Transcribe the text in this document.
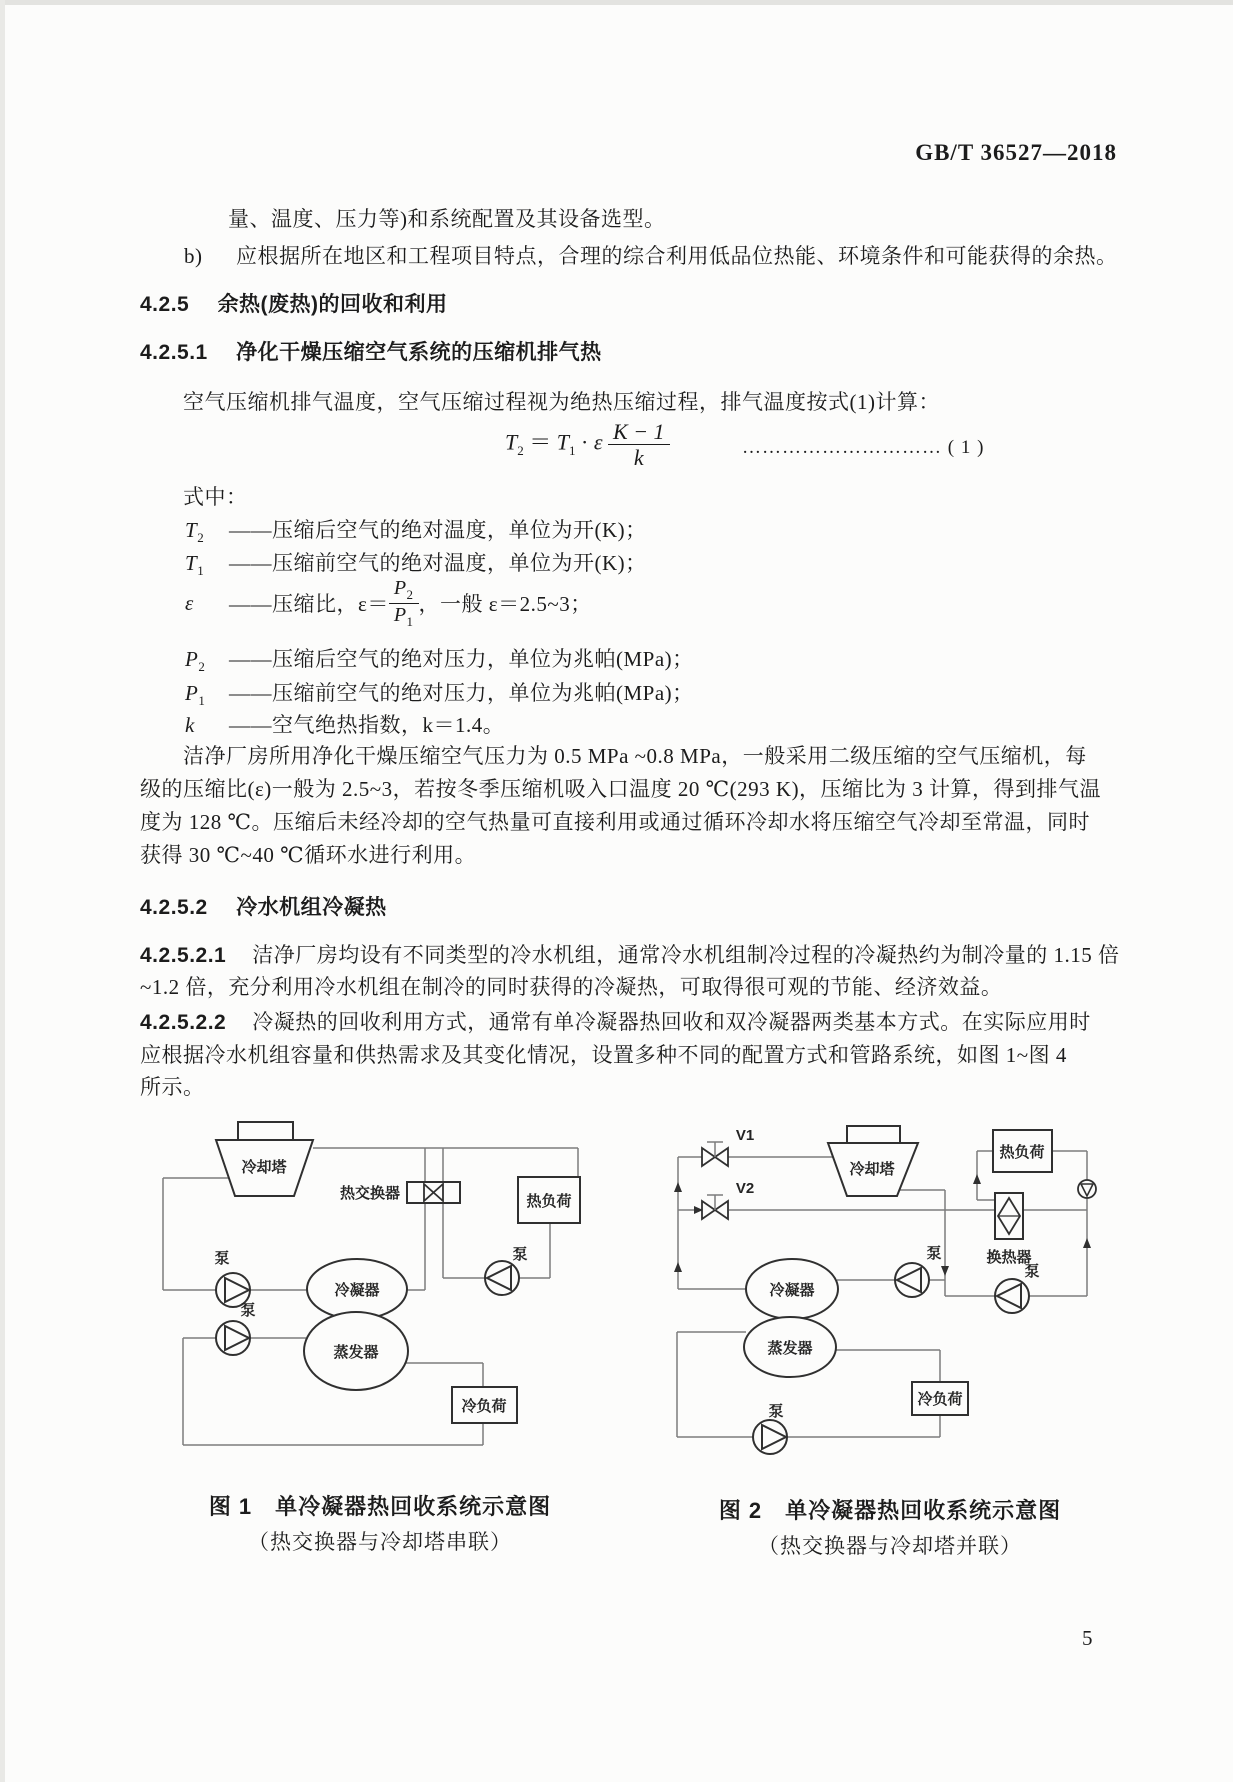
GB/T 36527—2018
量、温度、压力等)和系统配置及其设备选型。
b) 应根据所在地区和工程项目特点，合理的综合利用低品位热能、环境条件和可能获得的余热。
4.2.5 余热(废热)的回收和利用
4.2.5.1 净化干燥压缩空气系统的压缩机排气热
空气压缩机排气温度，空气压缩过程视为绝热压缩过程，排气温度按式(1)计算：
$T_2 = T_1 \cdot \varepsilon \frac{K - 1}{k}$	………………………… ( 1 )
式中：
$T_2$	——压缩后空气的绝对温度，单位为开(K)；
$T_1$	——压缩前空气的绝对温度，单位为开(K)；
ε	——压缩比，$\varepsilon= \frac{P_2}{P_1}$ ，一般 ε＝2.5~3；
$P_2$	——压缩后空气的绝对压力，单位为兆帕(MPa)；
$P_1$	——压缩前空气的绝对压力，单位为兆帕(MPa)；
k	——空气绝热指数，k＝1.4。
洁净厂房所用净化干燥压缩空气压力为 0.5 MPa ~0.8 MPa，一般采用二级压缩的空气压缩机，每
级的压缩比(ε)一般为 2.5~3，若按冬季压缩机吸入口温度 20 ℃(293 K)，压缩比为 3 计算，得到排气温
度为 128 ℃。压缩后未经冷却的空气热量可直接利用或通过循环冷却水将压缩空气冷却至常温，同时
获得 30 ℃~40 ℃循环水进行利用。
4.2.5.2 冷水机组冷凝热
4.2.5.2.1 洁净厂房均设有不同类型的冷水机组，通常冷水机组制冷过程的冷凝热约为制冷量的 1.15 倍
~1.2 倍，充分利用冷水机组在制冷的同时获得的冷凝热，可取得很可观的节能、经济效益。
4.2.5.2.2 冷凝热的回收利用方式，通常有单冷凝器热回收和双冷凝器两类基本方式。在实际应用时
应根据冷水机组容量和供热需求及其变化情况，设置多种不同的配置方式和管路系统，如图 1~图 4
所示。
冷却塔
热交换器	热负荷
冷凝器
蒸发器
冷负荷
泵
泵
泵
V1
V2
冷却塔
热负荷
换热器
冷凝器
蒸发器
冷负荷
泵
泵
泵
图 1　单冷凝器热回收系统示意图
（热交换器与冷却塔串联）
图 2　单冷凝器热回收系统示意图
（热交换器与冷却塔并联）
5
